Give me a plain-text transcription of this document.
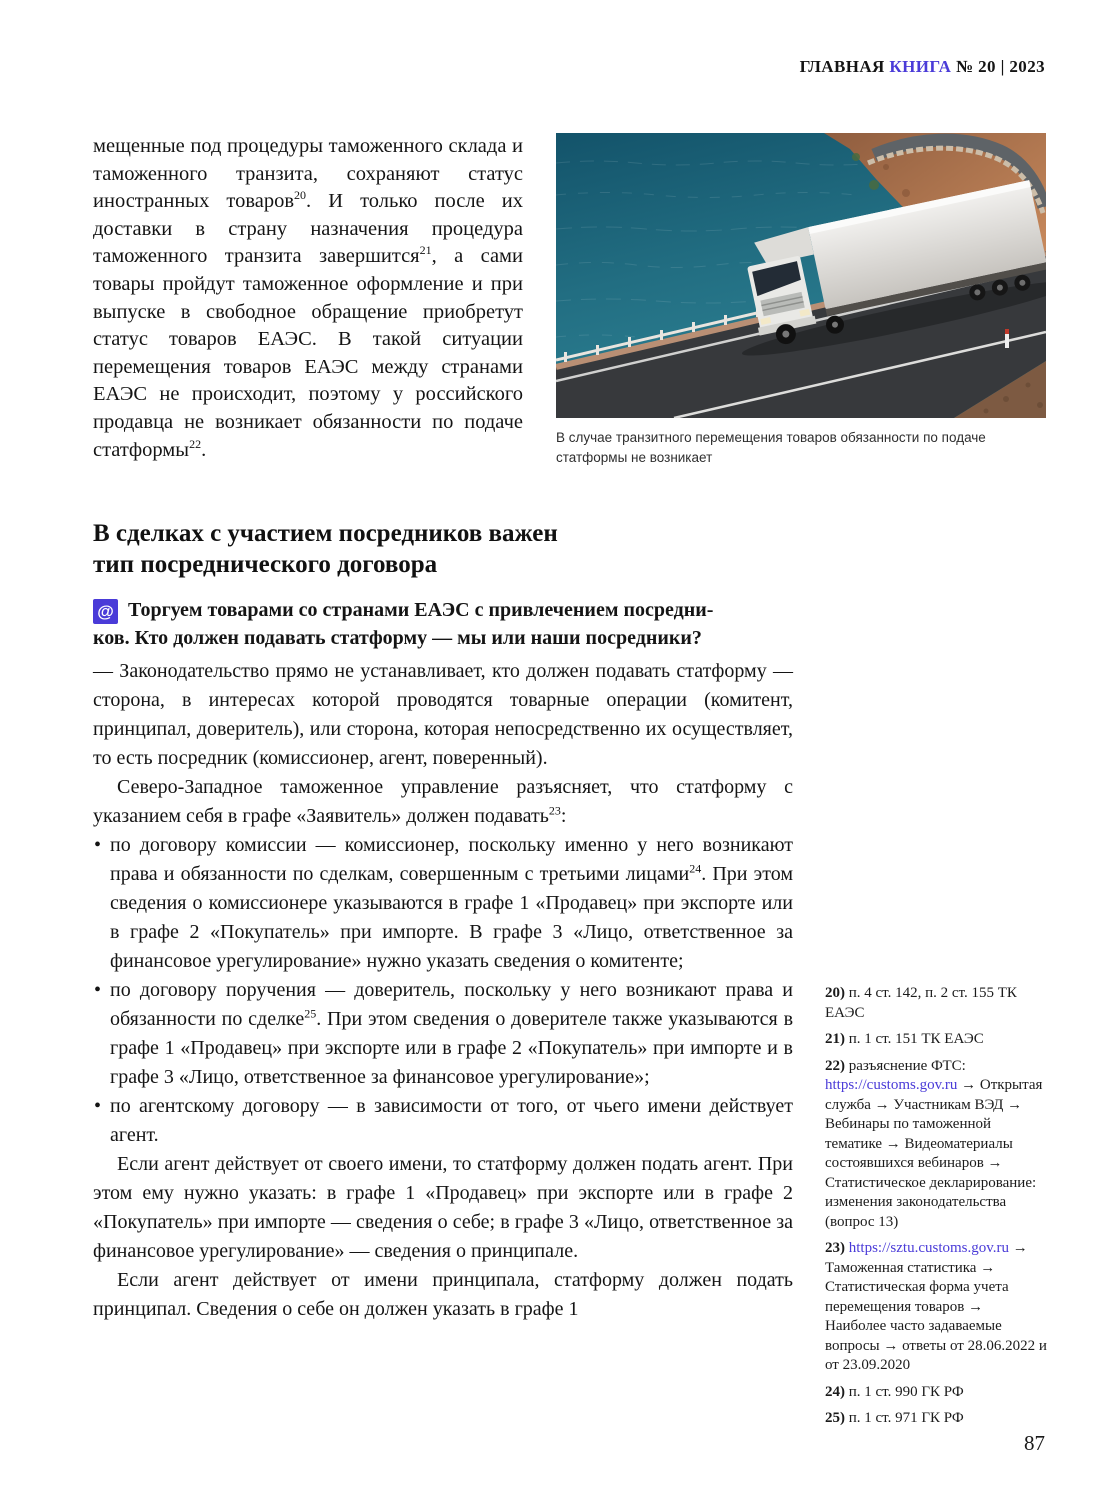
ГЛАВНАЯ КНИГА № 20 | 2023
мещенные под процедуры таможенного склада и таможенного транзита, сохраняют статус иностранных товаров$^{20}$. И только после их доставки в страну назначения процедура таможенного транзита завершится$^{21}$, а сами товары пройдут таможенное оформление и при выпуске в свободное обращение приобретут статус товаров ЕАЭС. В такой ситуации перемещения товаров ЕАЭС между странами ЕАЭС не происходит, поэтому у российского продавца не возникает обязанности по подаче статформы$^{22}$.
В случае транзитного перемещения товаров обязанности по подаче статформы не возникает
В сделках с участием посредников важен
тип посреднического договора

@ Торгуем товарами со странами ЕАЭС с привлечением посредни-
ков. Кто должен подавать статформу — мы или наши посредники?

— Законодательство прямо не устанавливает, кто должен подавать статформу — сторона, в интересах которой проводятся товарные операции (комитент, принципал, доверитель), или сторона, которая непосредственно их осуществляет, то есть посредник (комиссионер, агент, поверенный).

Северо-Западное таможенное управление разъясняет, что статформу с указанием себя в графе «Заявитель» должен подавать$^{23}$:

• по договору комиссии — комиссионер, поскольку именно у него возникают права и обязанности по сделкам, совершенным с третьими лицами$^{24}$. При этом сведения о комиссионере указываются в графе 1 «Продавец» при экспорте или в графе 2 «Покупатель» при импорте. В графе 3 «Лицо, ответственное за финансовое урегулирование» нужно указать сведения о комитенте;
• по договору поручения — доверитель, поскольку у него возникают права и обязанности по сделке$^{25}$. При этом сведения о доверителе также указываются в графе 1 «Продавец» при экспорте или в графе 2 «Покупатель» при импорте и в графе 3 «Лицо, ответственное за финансовое урегулирование»;
• по агентскому договору — в зависимости от того, от чьего имени действует агент.

Если агент действует от своего имени, то статформу должен подать агент. При этом ему нужно указать: в графе 1 «Продавец» при экспорте или в графе 2 «Покупатель» при импорте — сведения о себе; в графе 3 «Лицо, ответственное за финансовое урегулирование» — сведения о принципале.

Если агент действует от имени принципала, статформу должен подать принципал. Сведения о себе он должен указать в графе 1

20) п. 4 ст. 142, п. 2 ст. 155 ТК ЕАЭС
21) п. 1 ст. 151 ТК ЕАЭС
22) разъяснение ФТС: https://customs.gov.ru → Открытая служба → Участникам ВЭД → Вебинары по таможенной тематике → Видеоматериалы состоявшихся вебинаров → Статистическое декларирование: изменения законодательства (вопрос 13)
23) https://sztu.customs.gov.ru → Таможенная статистика → Статистическая форма учета перемещения товаров → Наиболее часто задаваемые вопросы → ответы от 28.06.2022 и от 23.09.2020
24) п. 1 ст. 990 ГК РФ
25) п. 1 ст. 971 ГК РФ
87
